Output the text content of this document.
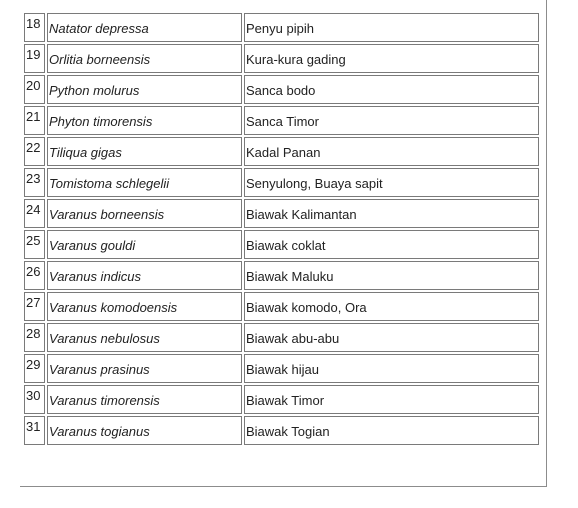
18	Natator depressa	Penyu pipih
19	Orlitia borneensis	Kura-kura gading
20	Python molurus	Sanca bodo
21	Phyton timorensis	Sanca Timor
22	Tiliqua gigas	Kadal Panan
23	Tomistoma schlegelii	Senyulong, Buaya sapit
24	Varanus borneensis	Biawak Kalimantan
25	Varanus gouldi	Biawak coklat
26	Varanus indicus	Biawak Maluku
27	Varanus komodoensis	Biawak komodo, Ora
28	Varanus nebulosus	Biawak abu-abu
29	Varanus prasinus	Biawak hijau
30	Varanus timorensis	Biawak Timor
31	Varanus togianus	Biawak Togian
